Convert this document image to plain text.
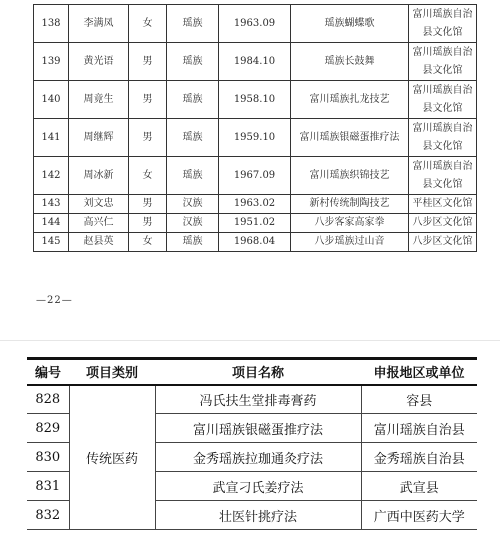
138	李满凤	女	瑶族	1963.09	瑶族蝴蝶歌	富川瑶族自治县文化馆
139	黄光语	男	瑶族	1984.10	瑶族长鼓舞	富川瑶族自治县文化馆
140	周竟生	男	瑶族	1958.10	富川瑶族扎龙技艺	富川瑶族自治县文化馆
141	周继辉	男	瑶族	1959.10	富川瑶族银磁蛋推疗法	富川瑶族自治县文化馆
142	周冰新	女	瑶族	1967.09	富川瑶族织锦技艺	富川瑶族自治县文化馆
143	刘文忠	男	汉族	1963.02	新村传统制陶技艺	平桂区文化馆
144	高兴仁	男	汉族	1951.02	八步客家高家拳	八步区文化馆
145	赵县英	女	瑶族	1968.04	八步瑶族过山音	八步区文化馆
—22—
编号	项目类别	项目名称	申报地区或单位
828	传统医药	冯氏扶生堂排毒膏药	容县
829		富川瑶族银磁蛋推疗法	富川瑶族自治县
830		金秀瑶族拉珈通灸疗法	金秀瑶族自治县
831		武宣刁氏姜疗法	武宣县
832		壮医针挑疗法	广西中医药大学
